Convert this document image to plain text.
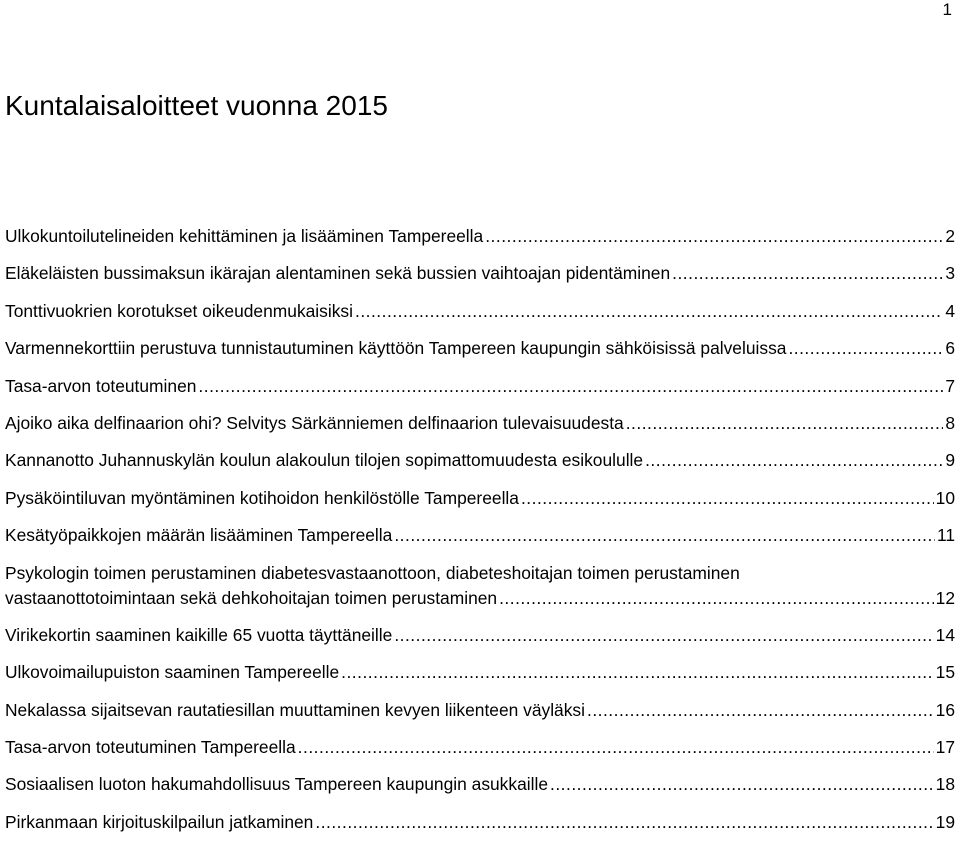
1
Kuntalaisaloitteet vuonna 2015
Ulkokuntoilutelineiden kehittäminen ja lisääminen Tampereella .....	2
Eläkeläisten bussimaksun ikärajan alentaminen sekä bussien vaihtoajan pidentäminen .....	3
Tonttivuokrien korotukset oikeudenmukaisiksi .....	4
Varmennekorttiin perustuva tunnistautuminen käyttöön Tampereen kaupungin sähköisissä palveluissa .....	6
Tasa-arvon toteutuminen .....	7
Ajoiko aika delfinaarion ohi? Selvitys Särkänniemen delfinaarion tulevaisuudesta .....	8
Kannanotto Juhannuskylän koulun alakoulun tilojen sopimattomuudesta esikoululle .....	9
Pysäköintiluvan myöntäminen kotihoidon henkilöstölle Tampereella .....	10
Kesätyöpaikkojen määrän lisääminen Tampereella .....	11
Psykologin toimen perustaminen diabetesvastaanottoon, diabeteshoitajan toimen perustaminen
vastaanottotoimintaan sekä dehkohoitajan toimen perustaminen .....	12
Virikekortin saaminen kaikille 65 vuotta täyttäneille .....	14
Ulkovoimailupuiston saaminen Tampereelle .....	15
Nekalassa sijaitsevan rautatiesillan muuttaminen kevyen liikenteen väyläksi .....	16
Tasa-arvon toteutuminen Tampereella .....	17
Sosiaalisen luoton hakumahdollisuus Tampereen kaupungin asukkaille .....	18
Pirkanmaan kirjoituskilpailun jatkaminen .....	19
